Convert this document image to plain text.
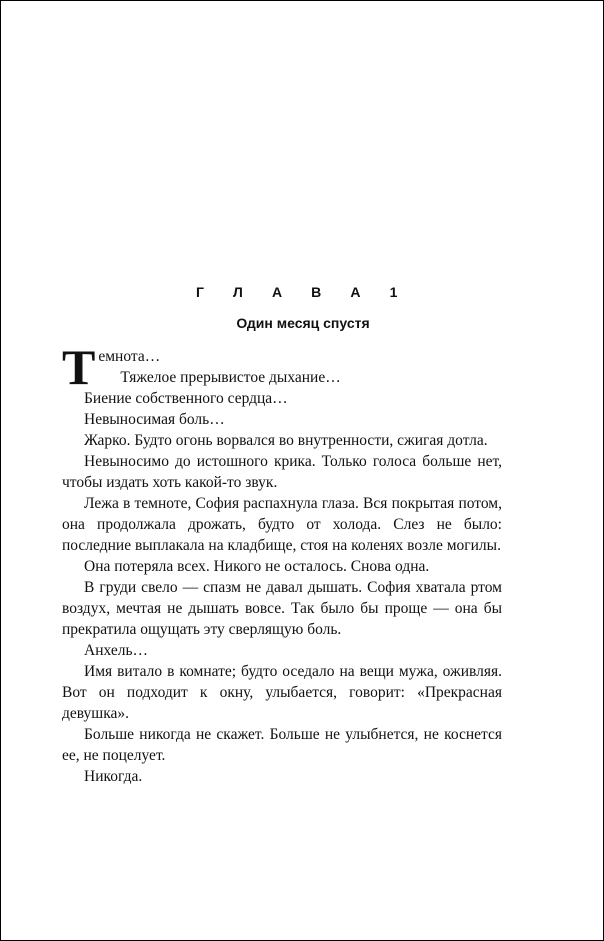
Г Л А В А 1
Один месяц спустя

Темнота…

Тяжелое прерывистое дыхание…

Биение собственного сердца…

Невыносимая боль…

Жарко. Будто огонь ворвался во внутренности, сжигая дотла.

Невыносимо до истошного крика. Только голоса больше нет, чтобы издать хоть какой-то звук.

Лежа в темноте, София распахнула глаза. Вся покрытая потом, она продолжала дрожать, будто от холода. Слез не было: последние выплакала на кладбище, стоя на коленях возле могилы.

Она потеряла всех. Никого не осталось. Снова одна.

В груди свело — спазм не давал дышать. София хватала ртом воздух, мечтая не дышать вовсе. Так было бы проще — она бы прекратила ощущать эту сверлящую боль.

Анхель…

Имя витало в комнате; будто оседало на вещи мужа, оживляя. Вот он подходит к окну, улыбается, говорит: «Прекрасная девушка».

Больше никогда не скажет. Больше не улыбнется, не коснется ее, не поцелует.

Никогда.
